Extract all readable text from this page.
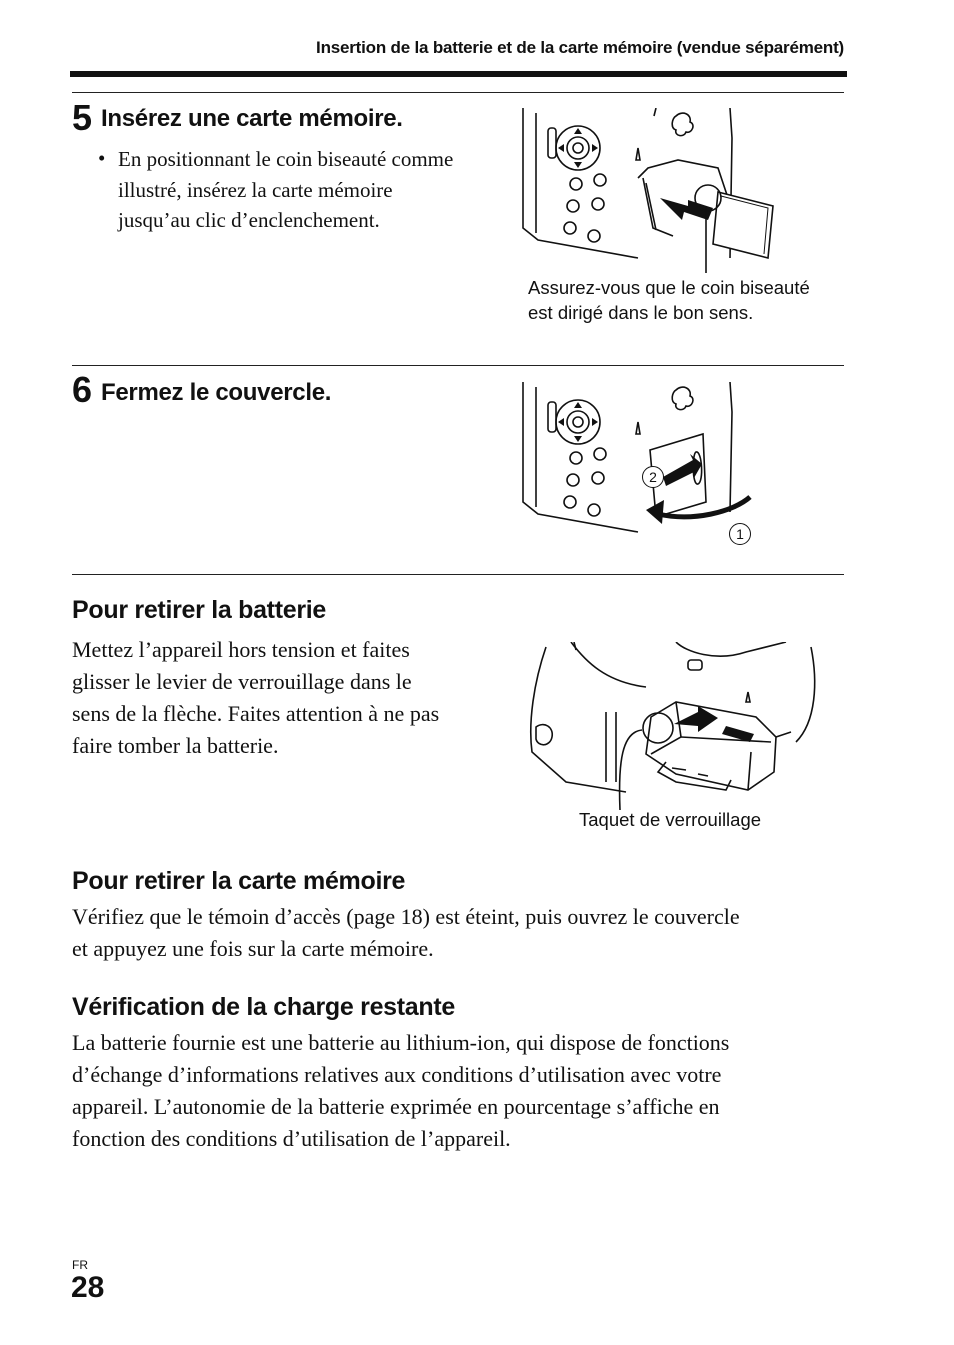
Insertion de la batterie et de la carte mémoire (vendue séparément)
5 Insérez une carte mémoire.
• En positionnant le coin biseauté comme
illustré, insérez la carte mémoire
jusqu’au clic d’enclenchement.
Assurez-vous que le coin biseauté
est dirigé dans le bon sens.
6 Fermez le couvercle.
2
1
Pour retirer la batterie
Mettez l’appareil hors tension et faites
glisser le levier de verrouillage dans le
sens de la flèche. Faites attention à ne pas
faire tomber la batterie.
Taquet de verrouillage
Pour retirer la carte mémoire
Vérifiez que le témoin d’accès (page 18) est éteint, puis ouvrez le couvercle
et appuyez une fois sur la carte mémoire.
Vérification de la charge restante
La batterie fournie est une batterie au lithium-ion, qui dispose de fonctions
d’échange d’informations relatives aux conditions d’utilisation avec votre
appareil. L’autonomie de la batterie exprimée en pourcentage s’affiche en
fonction des conditions d’utilisation de l’appareil.
FR
28
